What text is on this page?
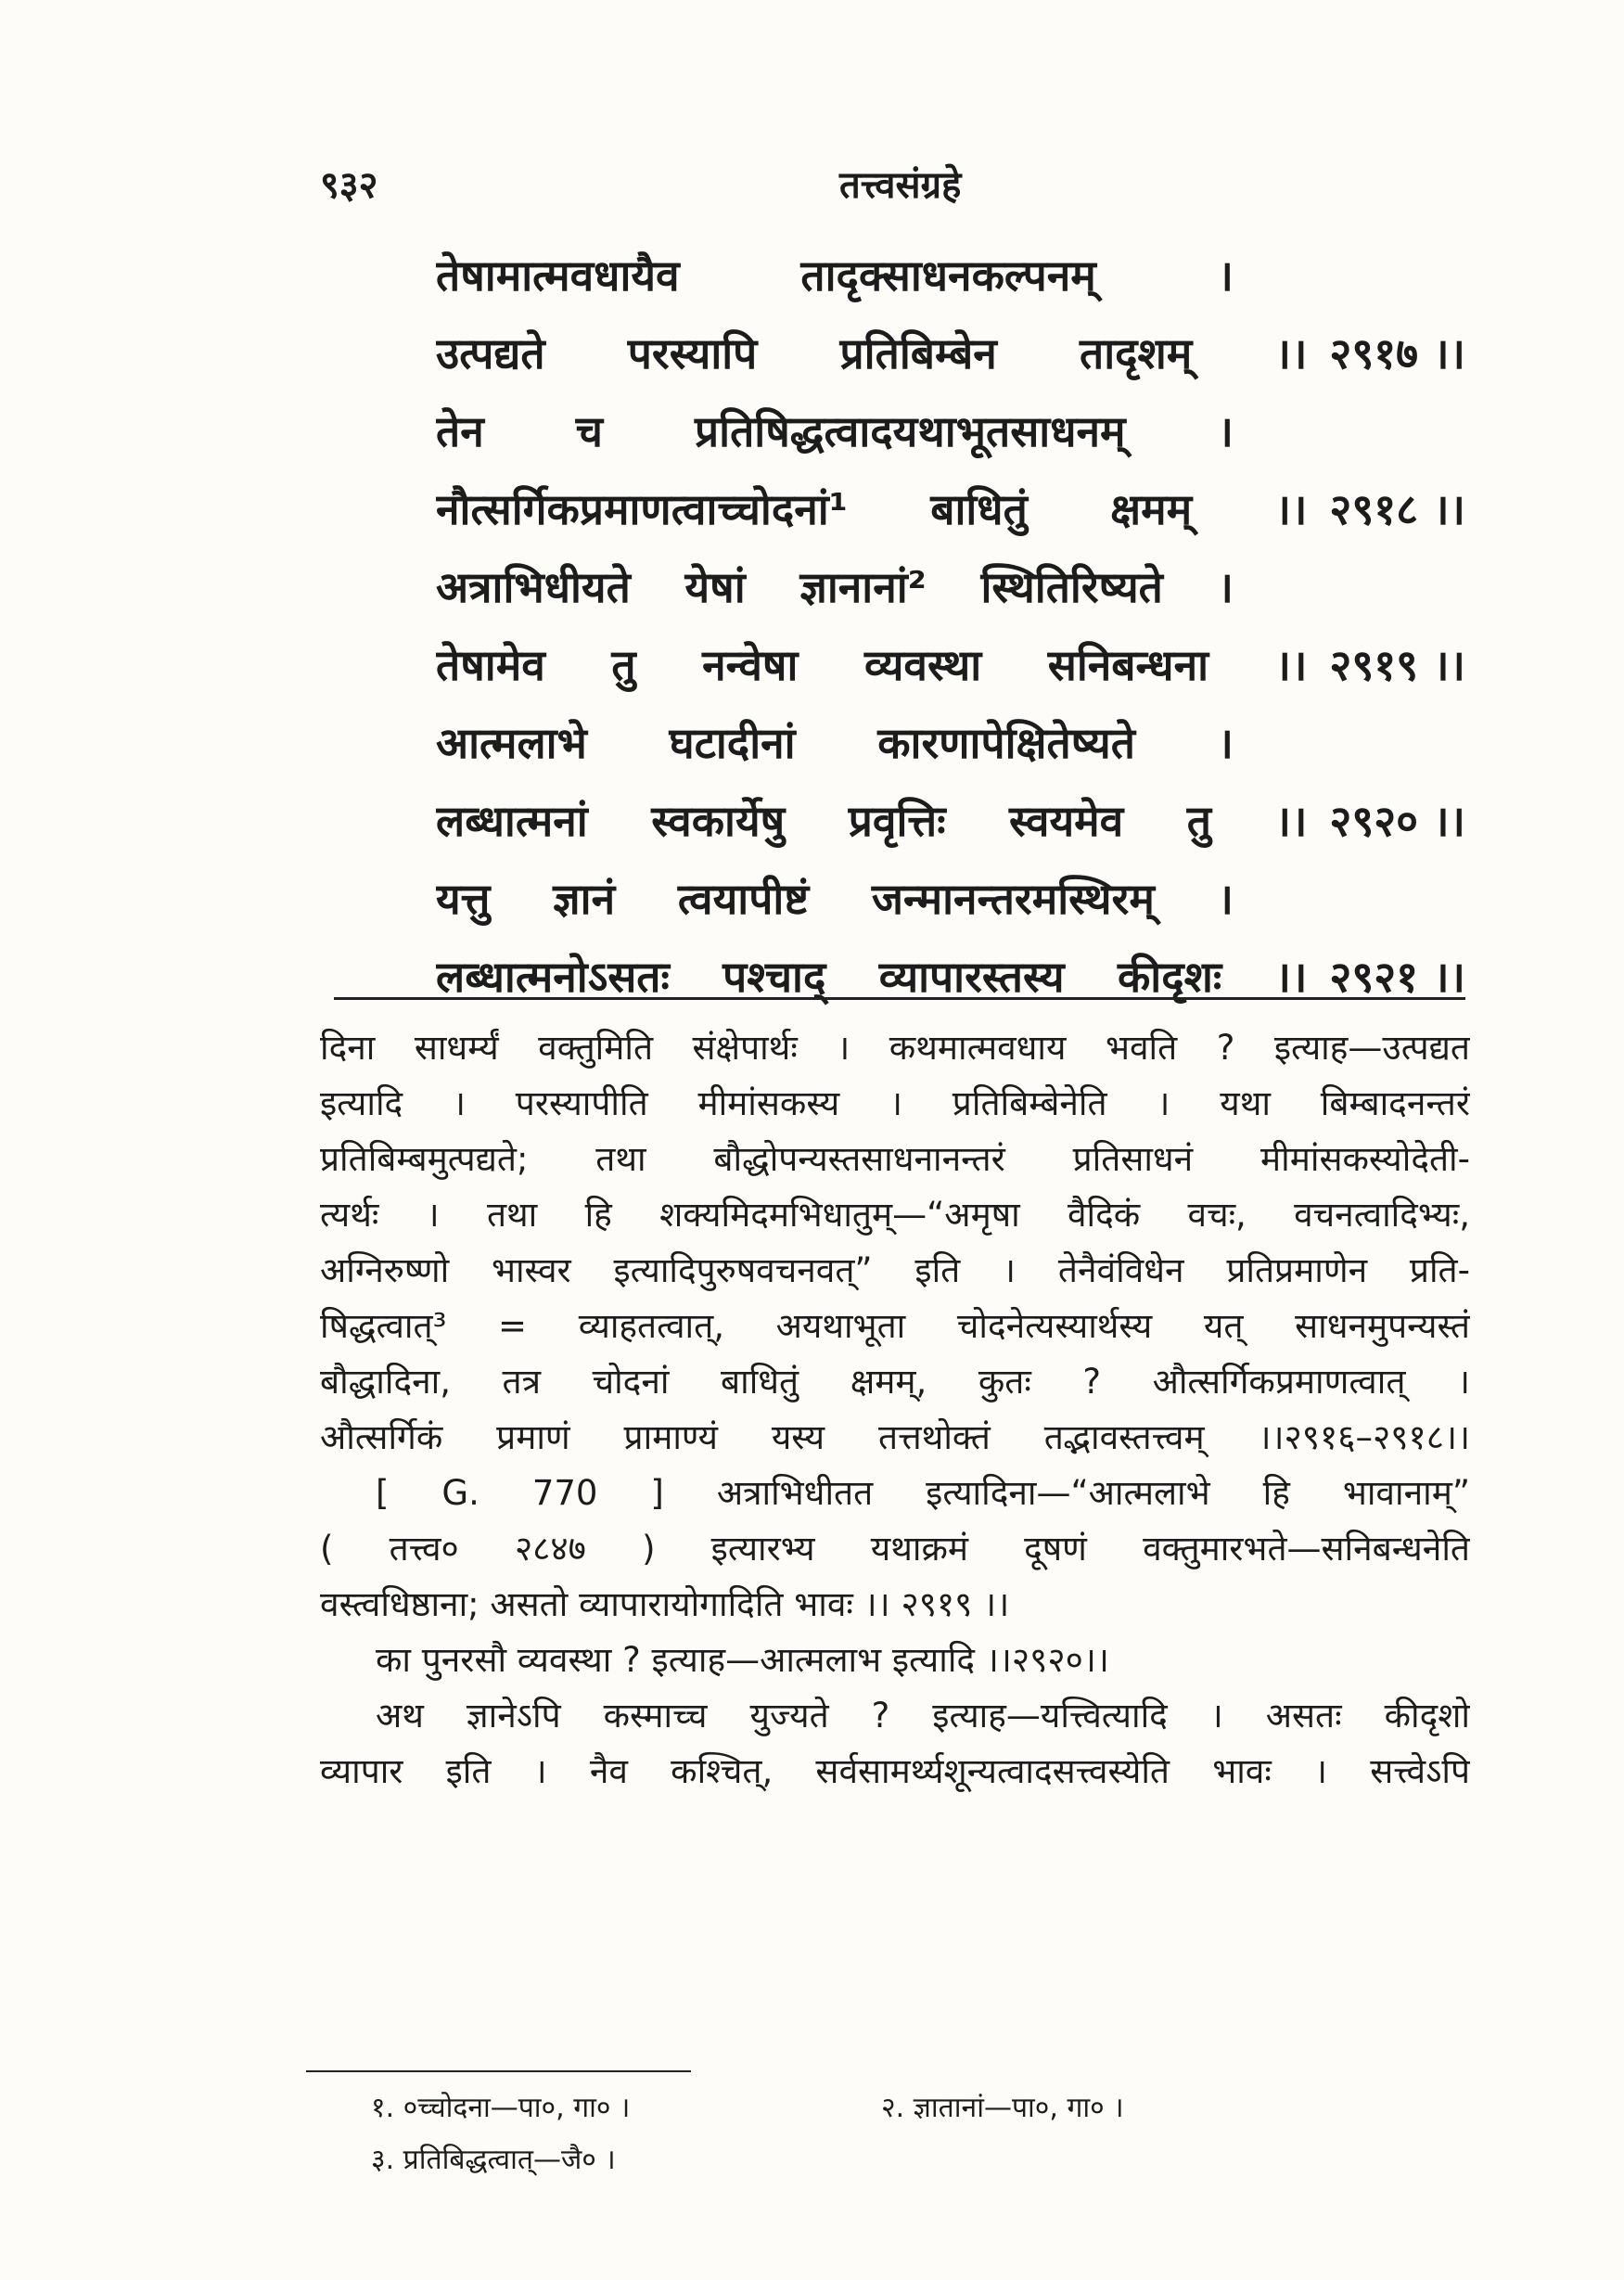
९३२	तत्त्वसंग्रहे
तेषामात्मवधायैव तादृक्साधनकल्पनम् ।
उत्पद्यते परस्यापि प्रतिबिम्बेन तादृशम् ।। २९१७ ।।
तेन च प्रतिषिद्धत्वादयथाभूतसाधनम् ।
नौत्सर्गिकप्रमाणत्वाच्चोदनां¹ बाधितुं क्षमम् ।। २९१८ ।।
अत्राभिधीयते येषां ज्ञानानां² स्थितिरिष्यते ।
तेषामेव तु नन्वेषा व्यवस्था सनिबन्धना ।। २९१९ ।।
आत्मलाभे घटादीनां कारणापेक्षितेष्यते ।
लब्धात्मनां स्वकार्येषु प्रवृत्तिः स्वयमेव तु ।। २९२० ।।
यत्तु ज्ञानं त्वयापीष्टं जन्मानन्तरमस्थिरम् ।
लब्धात्मनोऽसतः पश्चाद् व्यापारस्तस्य कीदृशः ।। २९२१ ।।
दिना साधर्म्यं वक्तुमिति संक्षेपार्थः । कथमात्मवधाय भवति ? इत्याह—उत्पद्यत
इत्यादि । परस्यापीति मीमांसकस्य । प्रतिबिम्बेनेति । यथा बिम्बादनन्तरं
प्रतिबिम्बमुत्पद्यते; तथा बौद्धोपन्यस्तसाधनानन्तरं प्रतिसाधनं मीमांसकस्योदेती-
त्यर्थः । तथा हि शक्यमिदमभिधातुम्—“अमृषा वैदिकं वचः, वचनत्वादिभ्यः,
अग्निरुष्णो भास्वर इत्यादिपुरुषवचनवत्” इति । तेनैवंविधेन प्रतिप्रमाणेन प्रति-
षिद्धत्वात्³ = व्याहतत्वात्, अयथाभूता चोदनेत्यस्यार्थस्य यत् साधनमुपन्यस्तं
बौद्धादिना, तत्र चोदनां बाधितुं क्षमम्, कुतः ? औत्सर्गिकप्रमाणत्वात् ।
औत्सर्गिकं प्रमाणं प्रामाण्यं यस्य तत्तथोक्तं तद्भावस्तत्त्वम् ।।२९१६–२९१८।।
[ G. 770 ] अत्राभिधीतत इत्यादिना—“आत्मलाभे हि भावानाम्”
( तत्त्व० २८४७ ) इत्यारभ्य यथाक्रमं दूषणं वक्तुमारभते—सनिबन्धनेति
वस्त्वधिष्ठाना; असतो व्यापारायोगादिति भावः ।। २९१९ ।।
का पुनरसौ व्यवस्था ? इत्याह—आत्मलाभ इत्यादि ।।२९२०।।
अथ ज्ञानेऽपि कस्माच्च युज्यते ? इत्याह—यत्त्वित्यादि । असतः कीदृशो
व्यापार इति । नैव कश्चित्, सर्वसामर्थ्यशून्यत्वादसत्त्वस्येति भावः । सत्त्वेऽपि
१. ०च्चोदना—पा०, गा० ।	२. ज्ञातानां—पा०, गा० ।
३. प्रतिबिद्धत्वात्—जै० ।
